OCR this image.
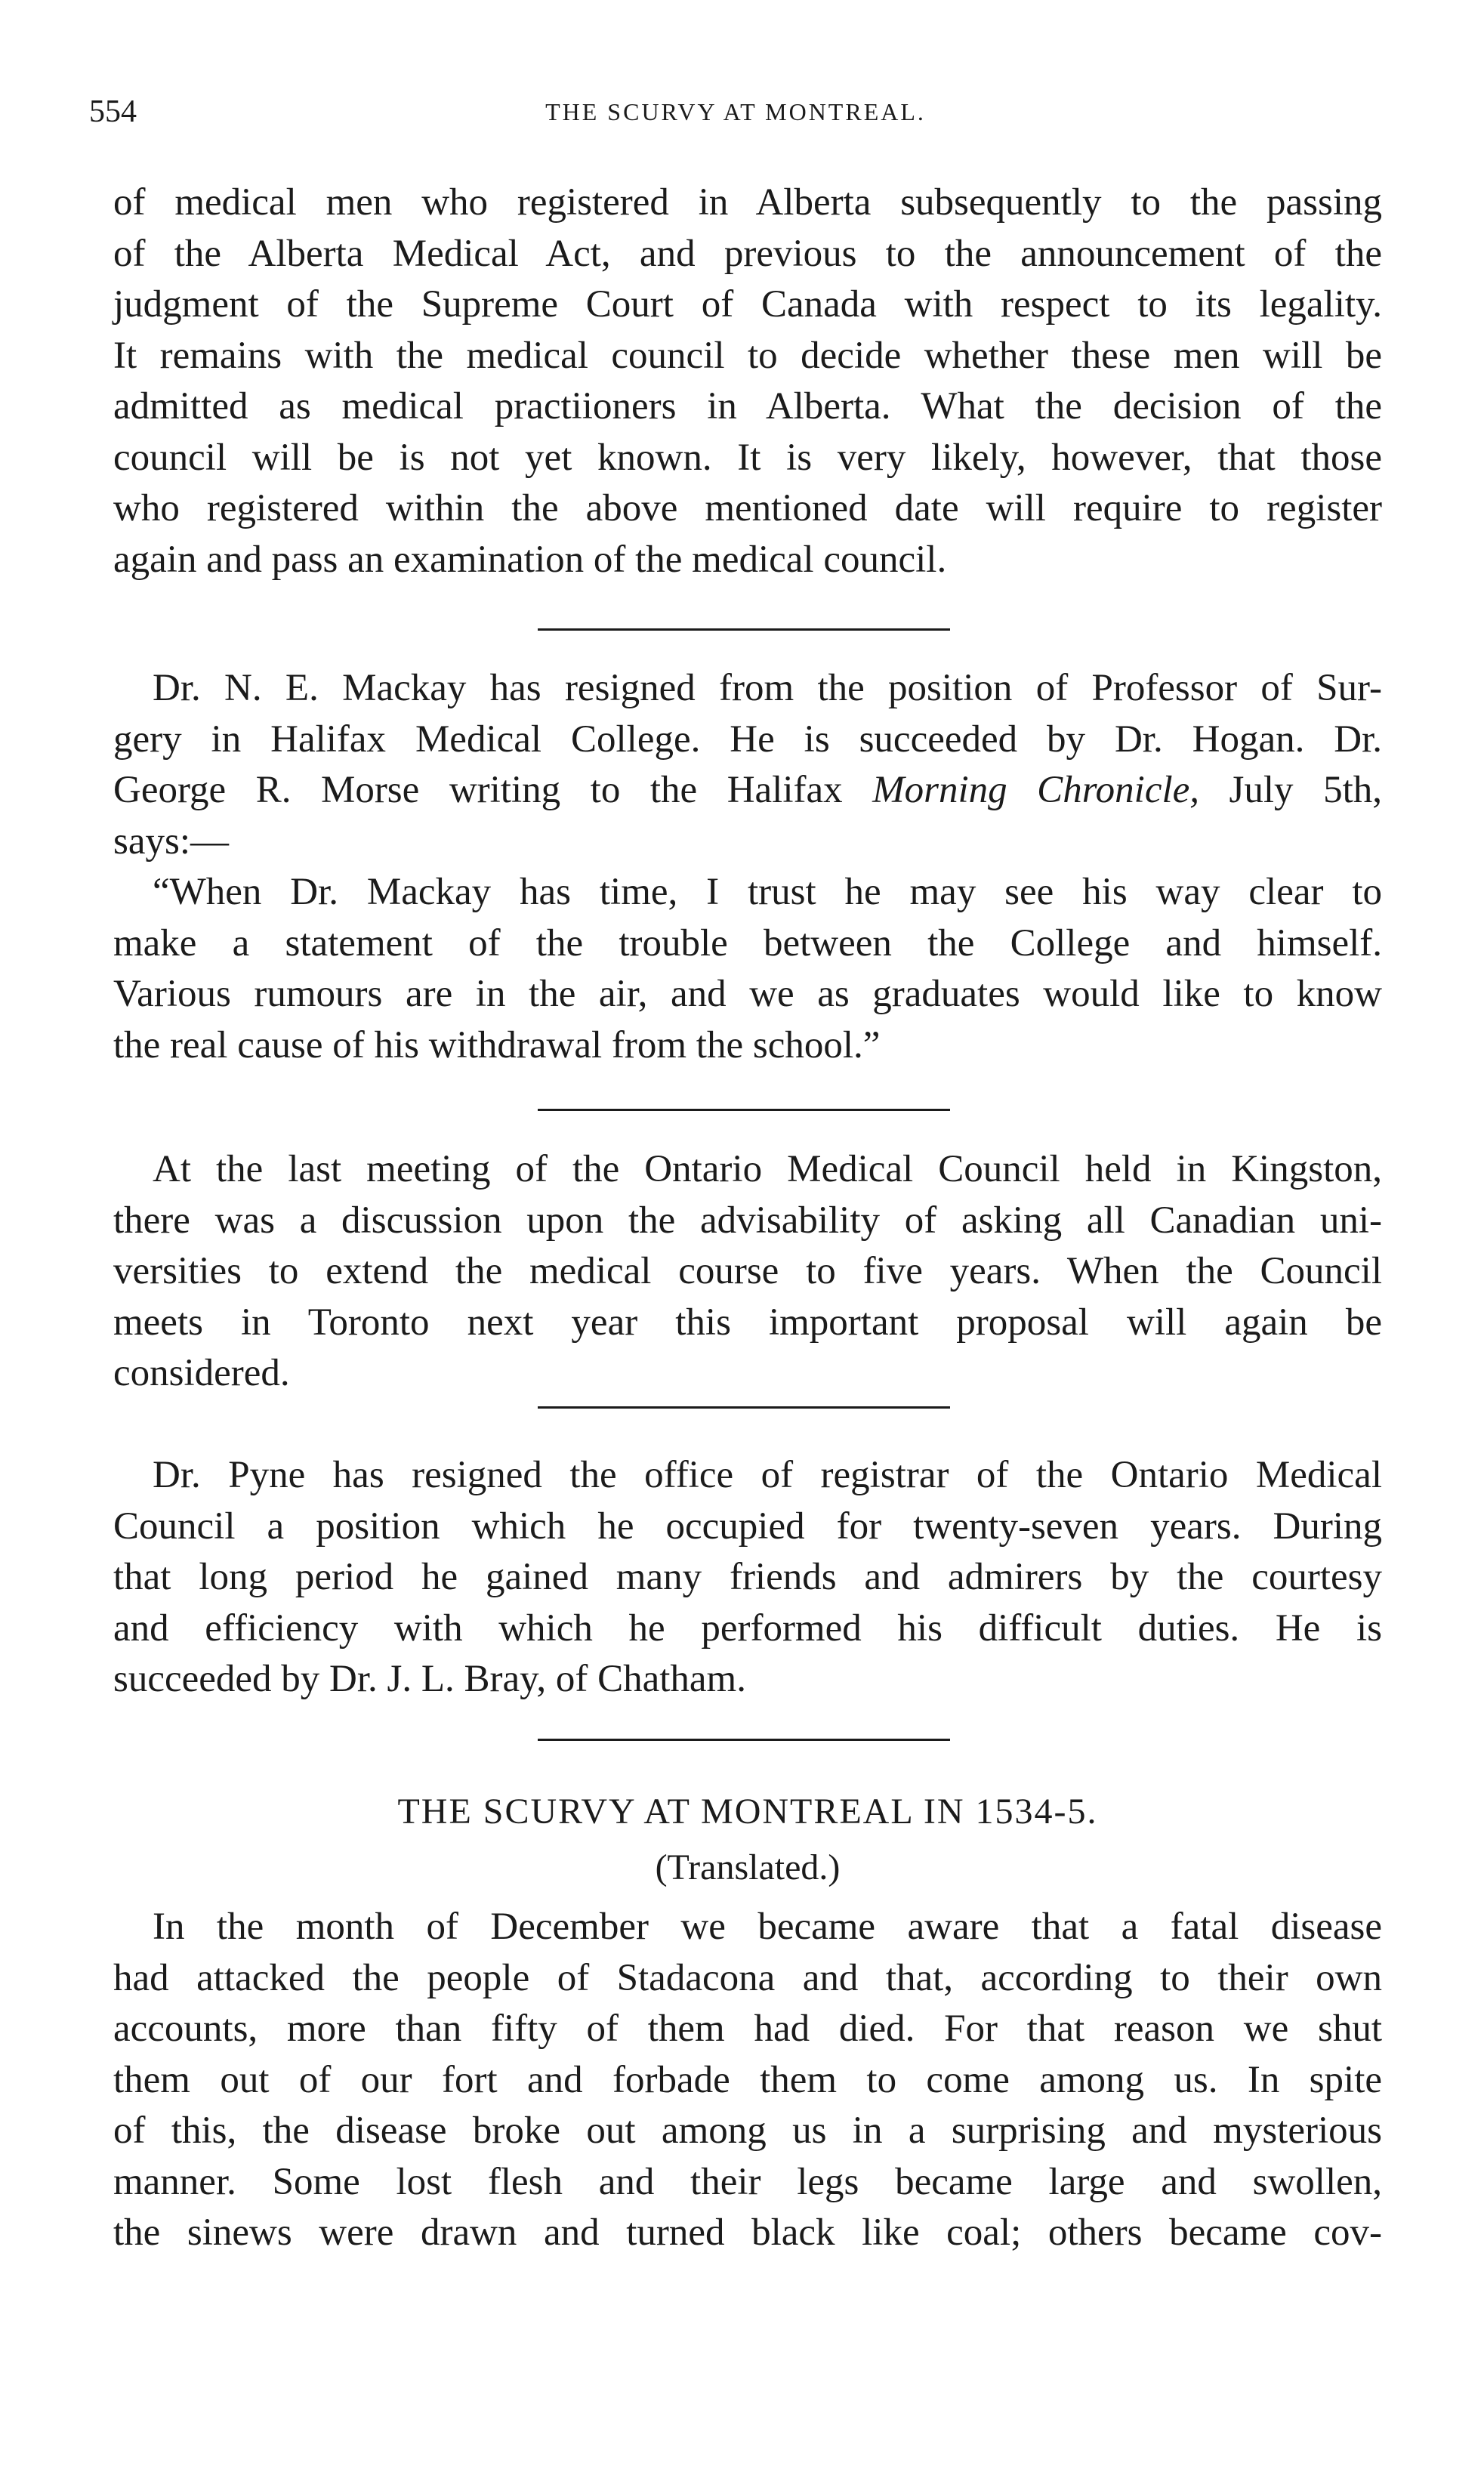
554	THE SCURVY AT MONTREAL.
of medical men who registered in Alberta subsequently to the passing
of the Alberta Medical Act, and previous to the announcement of the
judgment of the Supreme Court of Canada with respect to its legality.
It remains with the medical council to decide whether these men will be
admitted as medical practiioners in Alberta. What the decision of the
council will be is not yet known. It is very likely, however, that those
who registered within the above mentioned date will require to register
again and pass an examination of the medical council.
Dr. N. E. Mackay has resigned from the position of Professor of Sur-
gery in Halifax Medical College. He is succeeded by Dr. Hogan. Dr.
George R. Morse writing to the Halifax Morning Chronicle, July 5th,
says:—
“When Dr. Mackay has time, I trust he may see his way clear to
make a statement of the trouble between the College and himself.
Various rumours are in the air, and we as graduates would like to know
the real cause of his withdrawal from the school.”
At the last meeting of the Ontario Medical Council held in Kingston,
there was a discussion upon the advisability of asking all Canadian uni-
versities to extend the medical course to five years. When the Council
meets in Toronto next year this important proposal will again be
considered.
Dr. Pyne has resigned the office of registrar of the Ontario Medical
Council a position which he occupied for twenty-seven years. During
that long period he gained many friends and admirers by the courtesy
and efficiency with which he performed his difficult duties. He is
succeeded by Dr. J. L. Bray, of Chatham.
THE SCURVY AT MONTREAL IN 1534-5.
(Translated.)
In the month of December we became aware that a fatal disease
had attacked the people of Stadacona and that, according to their own
accounts, more than fifty of them had died. For that reason we shut
them out of our fort and forbade them to come among us. In spite
of this, the disease broke out among us in a surprising and mysterious
manner. Some lost flesh and their legs became large and swollen,
the sinews were drawn and turned black like coal; others became cov-
